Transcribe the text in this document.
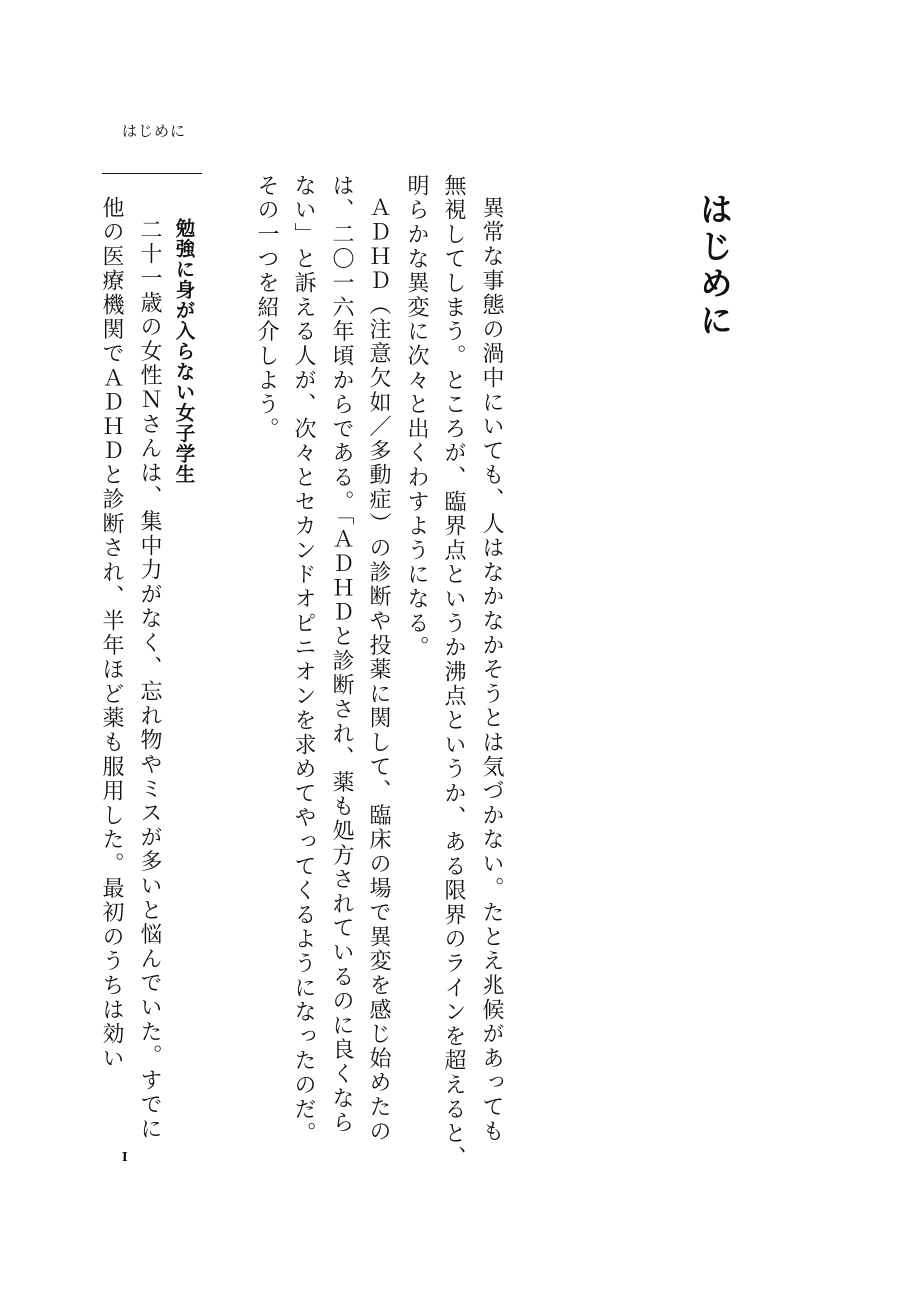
はじめに
はじめに
異常な事態の渦中にいても、人はなかなかそうとは気づかない。たとえ兆候があっても
無視してしまう。ところが、臨界点というか沸点というか、ある限界のラインを超えると、
明らかな異変に次々と出くわすようになる。
ＡＤＨＤ（注意欠如／多動症）の診断や投薬に関して、臨床の場で異変を感じ始めたの
は、二〇一六年頃からである。「ＡＤＨＤと診断され、薬も処方されているのに良くなら
ない」と訴える人が、次々とセカンドオピニオンを求めてやってくるようになったのだ。
その一つを紹介しよう。
勉強に身が入らない女子学生
二十一歳の女性Ｎさんは、集中力がなく、忘れ物やミスが多いと悩んでいた。すでに
他の医療機関でＡＤＨＤと診断され、半年ほど薬も服用した。最初のうちは効い
I
